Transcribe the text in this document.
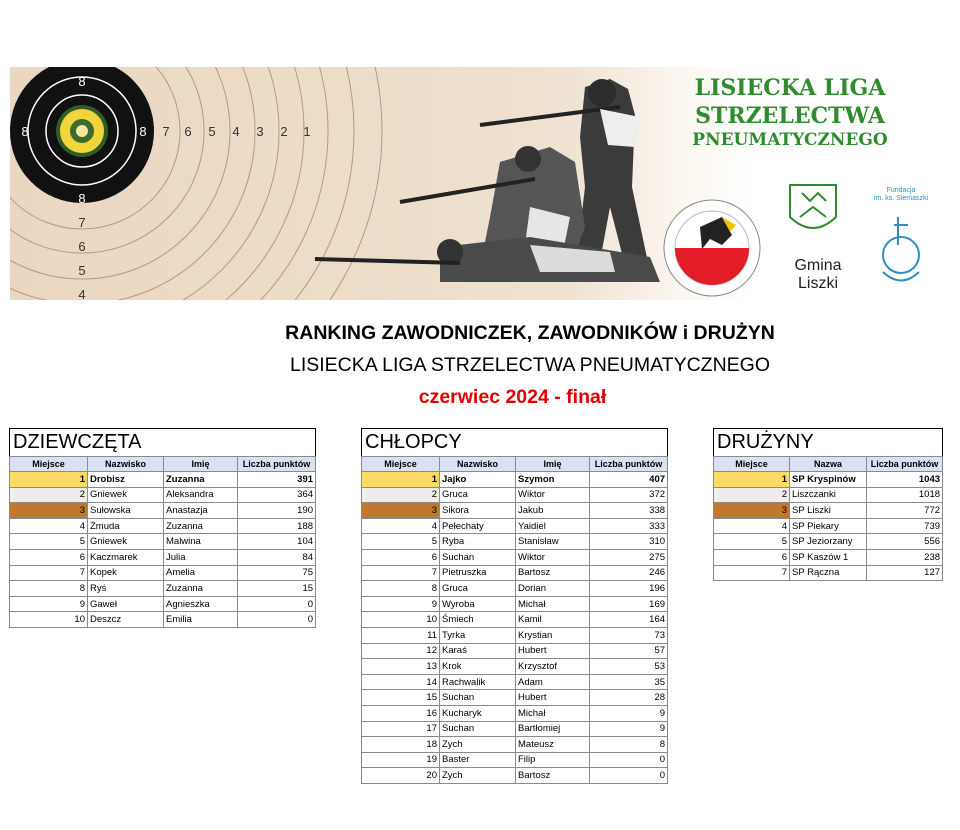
8
8	8
8
7 6 5 4 3 2 1
7
6
5
4
LISIECKA LIGA
STRZELECTWA
PNEUMATYCZNEGO
Gmina
Liszki
Fundacja
im. ks. Siemaszki
RANKING ZAWODNICZEK, ZAWODNIKÓW i DRUŻYN
LISIECKA LIGA STRZELECTWA PNEUMATYCZNEGO
czerwiec 2024 - finał
DZIEWCZĘTA			
Miejsce	Nazwisko	Imię	Liczba punktów
1	Drobisz	Zuzanna	391
2	Gniewek	Aleksandra	364
3	Sułowska	Anastazja	190
4	Żmuda	Zuzanna	188
5	Gniewek	Malwina	104
6	Kaczmarek	Julia	84
7	Kopek	Amelia	75
8	Ryś	Zuzanna	15
9	Gaweł	Agnieszka	0
10	Deszcz	Emilia	0
CHŁOPCY			
Miejsce	Nazwisko	Imię	Liczba punktów
1	Jajko	Szymon	407
2	Gruca	Wiktor	372
3	Sikora	Jakub	338
4	Pełechaty	Yaidiel	333
5	Ryba	Stanisław	310
6	Suchan	Wiktor	275
7	Pietruszka	Bartosz	246
8	Gruca	Dorian	196
9	Wyroba	Michał	169
10	Śmiech	Kamil	164
11	Tyrka	Krystian	73
12	Karaś	Hubert	57
13	Krok	Krzysztof	53
14	Rachwalik	Adam	35
15	Suchan	Hubert	28
16	Kucharyk	Michał	9
17	Suchan	Bartłomiej	9
18	Zych	Mateusz	8
19	Baster	Filip	0
20	Zych	Bartosz	0
DRUŻYNY		
Miejsce	Nazwa	Liczba punktów
1	SP Kryspinów	1043
2	Liszczanki	1018
3	SP Liszki	772
4	SP Piekary	739
5	SP Jeziorzany	556
6	SP Kaszów 1	238
7	SP Rączna	127
